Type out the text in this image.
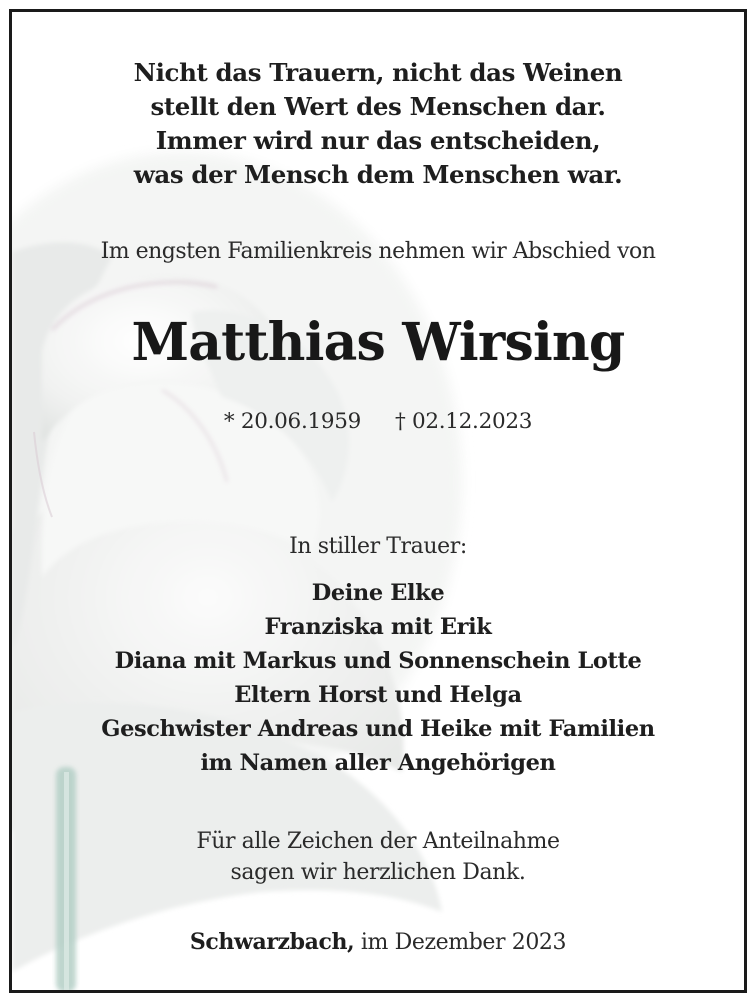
Nicht das Trauern, nicht das Weinen
stellt den Wert des Menschen dar.
Immer wird nur das entscheiden,
was der Mensch dem Menschen war.
Im engsten Familienkreis nehmen wir Abschied von
Matthias Wirsing
* 20.06.1959 † 02.12.2023
In stiller Trauer:
Deine Elke
Franziska mit Erik
Diana mit Markus und Sonnenschein Lotte
Eltern Horst und Helga
Geschwister Andreas und Heike mit Familien
im Namen aller Angehörigen
Für alle Zeichen der Anteilnahme
sagen wir herzlichen Dank.
Schwarzbach, im Dezember 2023
